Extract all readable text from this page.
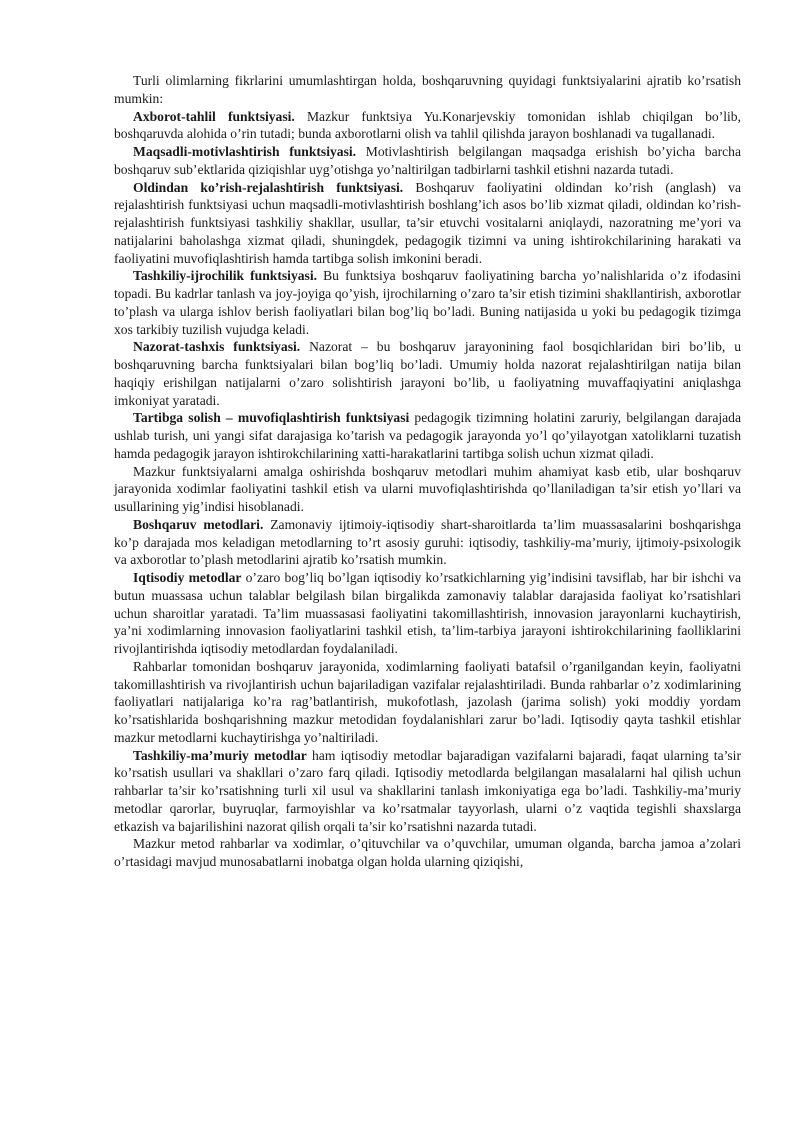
Turli olimlarning fikrlarini umumlashtirgan holda, boshqaruvning quyidagi funktsiyalarini ajratib ko’rsatish mumkin:

Axborot-tahlil funktsiyasi. Mazkur funktsiya Yu.Konarjevskiy tomonidan ishlab chiqilgan bo’lib, boshqaruvda alohida o’rin tutadi; bunda axborotlarni olish va tahlil qilishda jarayon boshlanadi va tugallanadi.

Maqsadli-motivlashtirish funktsiyasi. Motivlashtirish belgilangan maqsadga erishish bo’yicha barcha boshqaruv sub’ektlarida qiziqishlar uyg’otishga yo’naltirilgan tadbirlarni tashkil etishni nazarda tutadi.

Oldindan ko’rish-rejalashtirish funktsiyasi. Boshqaruv faoliyatini oldindan ko’rish (anglash) va rejalashtirish funktsiyasi uchun maqsadli-motivlashtirish boshlang’ich asos bo’lib xizmat qiladi, oldindan ko’rish-rejalashtirish funktsiyasi tashkiliy shakllar, usullar, ta’sir etuvchi vositalarni aniqlaydi, nazoratning me’yori va natijalarini baholashga xizmat qiladi, shuningdek, pedagogik tizimni va uning ishtirokchilarining harakati va faoliyatini muvofiqlashtirish hamda tartibga solish imkonini beradi.

Tashkiliy-ijrochilik funktsiyasi. Bu funktsiya boshqaruv faoliyatining barcha yo’nalishlarida o’z ifodasini topadi. Bu kadrlar tanlash va joy-joyiga qo’yish, ijrochilarning o’zaro ta’sir etish tizimini shakllantirish, axborotlar to’plash va ularga ishlov berish faoliyatlari bilan bog’liq bo’ladi. Buning natijasida u yoki bu pedagogik tizimga xos tarkibiy tuzilish vujudga keladi.

Nazorat-tashxis funktsiyasi. Nazorat – bu boshqaruv jarayonining faol bosqichlaridan biri bo’lib, u boshqaruvning barcha funktsiyalari bilan bog’liq bo’ladi. Umumiy holda nazorat rejalashtirilgan natija bilan haqiqiy erishilgan natijalarni o’zaro solishtirish jarayoni bo’lib, u faoliyatning muvaffaqiyatini aniqlashga imkoniyat yaratadi.

Tartibga solish – muvofiqlashtirish funktsiyasi pedagogik tizimning holatini zaruriy, belgilangan darajada ushlab turish, uni yangi sifat darajasiga ko’tarish va pedagogik jarayonda yo’l qo’yilayotgan xatoliklarni tuzatish hamda pedagogik jarayon ishtirokchilarining xatti-harakatlarini tartibga solish uchun xizmat qiladi.

Mazkur funktsiyalarni amalga oshirishda boshqaruv metodlari muhim ahamiyat kasb etib, ular boshqaruv jarayonida xodimlar faoliyatini tashkil etish va ularni muvofiqlashtirishda qo’llaniladigan ta’sir etish yo’llari va usullarining yig’indisi hisoblanadi.

Boshqaruv metodlari. Zamonaviy ijtimoiy-iqtisodiy shart-sharoitlarda ta’lim muassasalarini boshqarishga ko’p darajada mos keladigan metodlarning to’rt asosiy guruhi: iqtisodiy, tashkiliy-ma’muriy, ijtimoiy-psixologik va axborotlar to’plash metodlarini ajratib ko’rsatish mumkin.

Iqtisodiy metodlar o’zaro bog’liq bo’lgan iqtisodiy ko’rsatkichlarning yig’indisini tavsiflab, har bir ishchi va butun muassasa uchun talablar belgilash bilan birgalikda zamonaviy talablar darajasida faoliyat ko’rsatishlari uchun sharoitlar yaratadi. Ta’lim muassasasi faoliyatini takomillashtirish, innovasion jarayonlarni kuchaytirish, ya’ni xodimlarning innovasion faoliyatlarini tashkil etish, ta’lim-tarbiya jarayoni ishtirokchilarining faolliklarini rivojlantirishda iqtisodiy metodlardan foydalaniladi.

Rahbarlar tomonidan boshqaruv jarayonida, xodimlarning faoliyati batafsil o’rganilgandan keyin, faoliyatni takomillashtirish va rivojlantirish uchun bajariladigan vazifalar rejalashtiriladi. Bunda rahbarlar o’z xodimlarining faoliyatlari natijalariga ko’ra rag’batlantirish, mukofotlash, jazolash (jarima solish) yoki moddiy yordam ko’rsatishlarida boshqarishning mazkur metodidan foydalanishlari zarur bo’ladi. Iqtisodiy qayta tashkil etishlar mazkur metodlarni kuchaytirishga yo’naltiriladi.

Tashkiliy-ma’muriy metodlar ham iqtisodiy metodlar bajaradigan vazifalarni bajaradi, faqat ularning ta’sir ko’rsatish usullari va shakllari o’zaro farq qiladi. Iqtisodiy metodlarda belgilangan masalalarni hal qilish uchun rahbarlar ta’sir ko’rsatishning turli xil usul va shakllarini tanlash imkoniyatiga ega bo’ladi. Tashkiliy-ma’muriy metodlar qarorlar, buyruqlar, farmoyishlar va ko’rsatmalar tayyorlash, ularni o’z vaqtida tegishli shaxslarga etkazish va bajarilishini nazorat qilish orqali ta’sir ko’rsatishni nazarda tutadi.

Mazkur metod rahbarlar va xodimlar, o’qituvchilar va o’quvchilar, umuman olganda, barcha jamoa a’zolari o’rtasidagi mavjud munosabatlarni inobatga olgan holda ularning qiziqishi,
